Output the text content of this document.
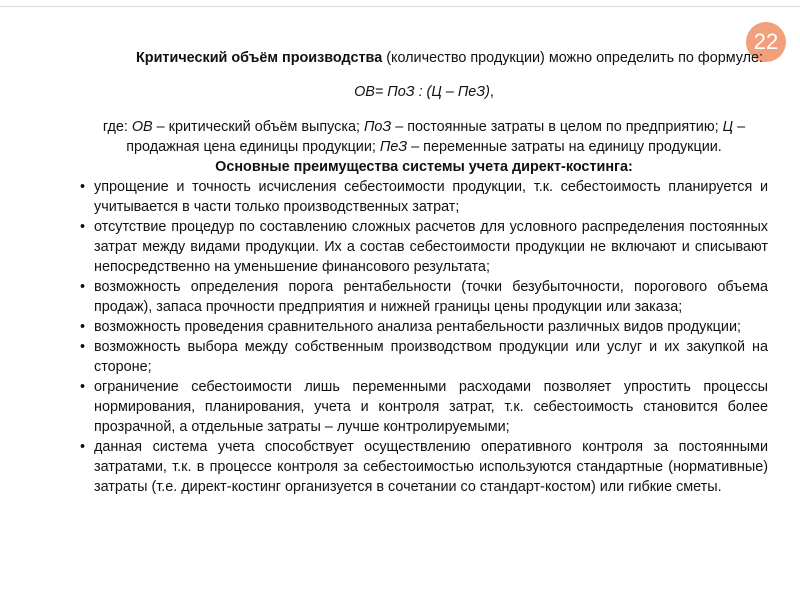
22

Критический объём производства (количество продукции) можно определить по формуле:

ОВ= ПоЗ : (Ц – ПеЗ),

где: ОВ – критический объём выпуска; ПоЗ – постоянные затраты в целом по предприятию; Ц – продажная цена единицы продукции; ПеЗ – переменные затраты на единицу продукции.

Основные преимущества системы учета директ-костинга:

• упрощение и точность исчисления себестоимости продукции, т.к. себестоимость планируется и учитывается в части только производственных затрат;
• отсутствие процедур по составлению сложных расчетов для условного распределения постоянных затрат между видами продукции. Их а состав себестоимости продукции не включают и списывают непосредственно на уменьшение финансового результата;
• возможность определения порога рентабельности (точки безубыточности, порогового объема продаж), запаса прочности предприятия и нижней границы цены продукции или заказа;
• возможность проведения сравнительного анализа рентабельности различных видов продукции;
• возможность выбора между собственным производством продукции или услуг и их закупкой на стороне;
• ограничение себестоимости лишь переменными расходами позволяет упростить процессы нормирования, планирования, учета и контроля затрат, т.к. себестоимость становится более прозрачной, а отдельные затраты – лучше контролируемыми;
• данная система учета способствует осуществлению оперативного контроля за постоянными затратами, т.к. в процессе контроля за себестоимостью используются стандартные (нормативные) затраты (т.е. директ-костинг организуется в сочетании со стандарт-костом) или гибкие сметы.
